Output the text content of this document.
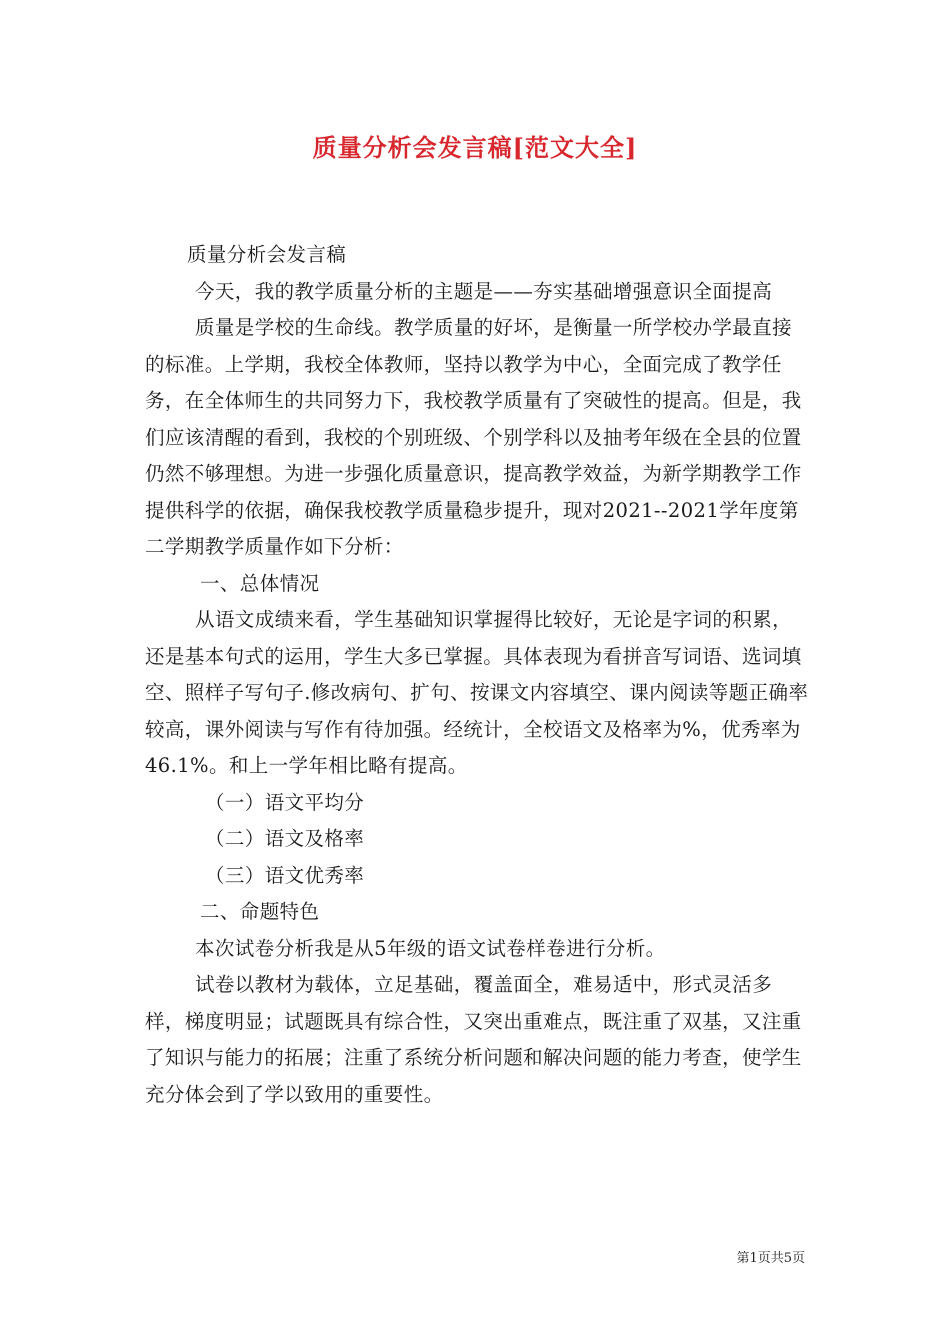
质量分析会发言稿[范文大全]

质量分析会发言稿

今天，我的教学质量分析的主题是——夯实基础增强意识全面提高

质量是学校的生命线。教学质量的好坏，是衡量一所学校办学最直接的标准。上学期，我校全体教师，坚持以教学为中心，全面完成了教学任务，在全体师生的共同努力下，我校教学质量有了突破性的提高。但是，我们应该清醒的看到，我校的个别班级、个别学科以及抽考年级在全县的位置仍然不够理想。为进一步强化质量意识，提高教学效益，为新学期教学工作提供科学的依据，确保我校教学质量稳步提升，现对2021--2021学年度第二学期教学质量作如下分析：

一、总体情况

从语文成绩来看，学生基础知识掌握得比较好，无论是字词的积累，还是基本句式的运用，学生大多已掌握。具体表现为看拼音写词语、选词填空、照样子写句子.修改病句、扩句、按课文内容填空、课内阅读等题正确率较高，课外阅读与写作有待加强。经统计，全校语文及格率为%，优秀率为46.1%。和上一学年相比略有提高。

（一）语文平均分

（二）语文及格率

（三）语文优秀率

二、命题特色

本次试卷分析我是从5年级的语文试卷样卷进行分析。

试卷以教材为载体，立足基础，覆盖面全，难易适中，形式灵活多样，梯度明显；试题既具有综合性，又突出重难点，既注重了双基，又注重了知识与能力的拓展；注重了系统分析问题和解决问题的能力考查，使学生充分体会到了学以致用的重要性。

第1页共5页
